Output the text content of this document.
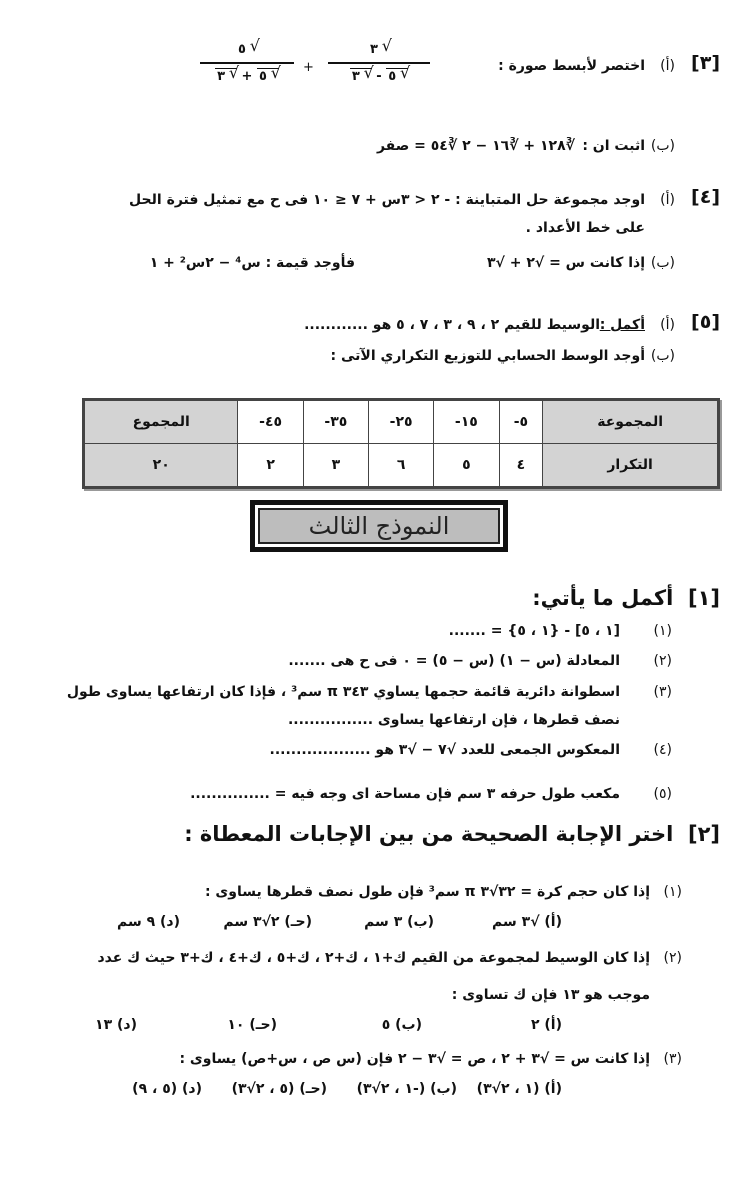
[٣]
(أ)
اختصر لأبسط صورة :
٣ √
٣ √ - ٥ √
+
٥ √
٣ √ + ٥ √
(ب)
اثبت ان :
∛١٢٨ + ∛١٦ − ٢ ∛٥٤ = صفر
[٤]
(أ)
اوجد مجموعة حل المتباينة : - ٢ < ٣س + ٧ ≤ ١٠ فى ح مع تمثيل فترة الحل
على خط الأعداد .
(ب)
إذا كانت س = √٢ + √٣
فأوجد قيمة : س⁴ − ٢س² + ١
[٥]
(أ)
أكمل :
الوسيط للقيم ٢ ، ٩ ، ٣ ، ٧ ، ٥ هو ............
(ب)
أوجد الوسط الحسابي للتوزيع التكراري الآتى :
المجموعة	٥-	١٥-	٢٥-	٣٥-	٤٥-	المجموع
التكرار	٤	٥	٦	٣	٢	٢٠
النموذج الثالث
[١]  أكمل ما يأتي:
(١)
[١ ، ٥] - {١ ، ٥} = .......
(٢)
المعادلة (س − ١) (س − ٥) = ٠ فى ح هى .......
(٣)
اسطوانة دائرية قائمة حجمها يساوي ٣٤٣ π سم³ ، فإذا كان ارتفاعها يساوى طول
نصف قطرها ، فإن ارتفاعها يساوى ................
(٤)
المعكوس الجمعى للعدد √٧ − √٣ هو ...................
(٥)
مكعب طول حرفه ٣ سم فإن مساحة اى وجه فيه = ...............
[٢]  اختر الإجابة الصحيحة من بين الإجابات المعطاة :
(١)
إذا كان حجم كرة = ٣٢√٣ π سم³ فإن طول نصف قطرها يساوى :
(أ) √٣ سم
(ب) ٣ سم
(حـ) ٢√٣ سم
(د) ٩ سم
(٢)
إذا كان الوسيط لمجموعة من القيم ك+١ ، ك+٢ ، ك+٥ ، ك+٤ ، ك+٣ حيث ك عدد
موجب هو ١٣ فإن ك تساوى :
(أ) ٢
(ب) ٥
(حـ) ١٠
(د) ١٣
(٣)
إذا كانت س = √٣ + ٢ ، ص = √٣ − ٢ فإن (س ص ، س+ص) يساوى :
(أ) (١ ، ٢√٣)
(ب) (-١ ، ٢√٣)
(حـ) (٥ ، ٢√٣)
(د) (٥ ، ٩)
